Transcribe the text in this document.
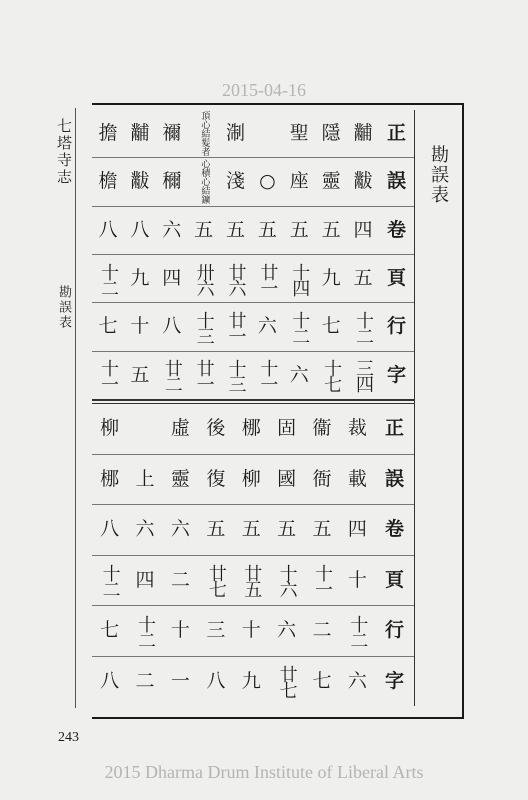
2015-04-16
七塔寺志
勘誤表
勘誤表
正
黼
隱
聖
淛
頂心結髮者
禰
黼
擔
誤
黻
靈
座
○
淺
心積心結鑛
穪
黻
檐
卷
四
五
五
五
五
五
六
八
八
頁
五
九
十四
廿一
廿六
卅六
四
九
十二
行
十二
七
十二
六
廿一
十三
八
十
七
字
三四
十七
六
十一
十三
廿一
廿二
五
十一
正
裁
衞
固
梛
後
虛
柳
誤
載
衙
國
柳
復
靈
上
梛
卷
四
五
五
五
五
六
六
八
頁
十
十一
十六
廿五
廿七
二
四
十二
行
十二
二
六
十
三
十
十二
七
字
六
七
廿七
九
八
一
二
八
243
2015 Dharma Drum Institute of Liberal Arts
